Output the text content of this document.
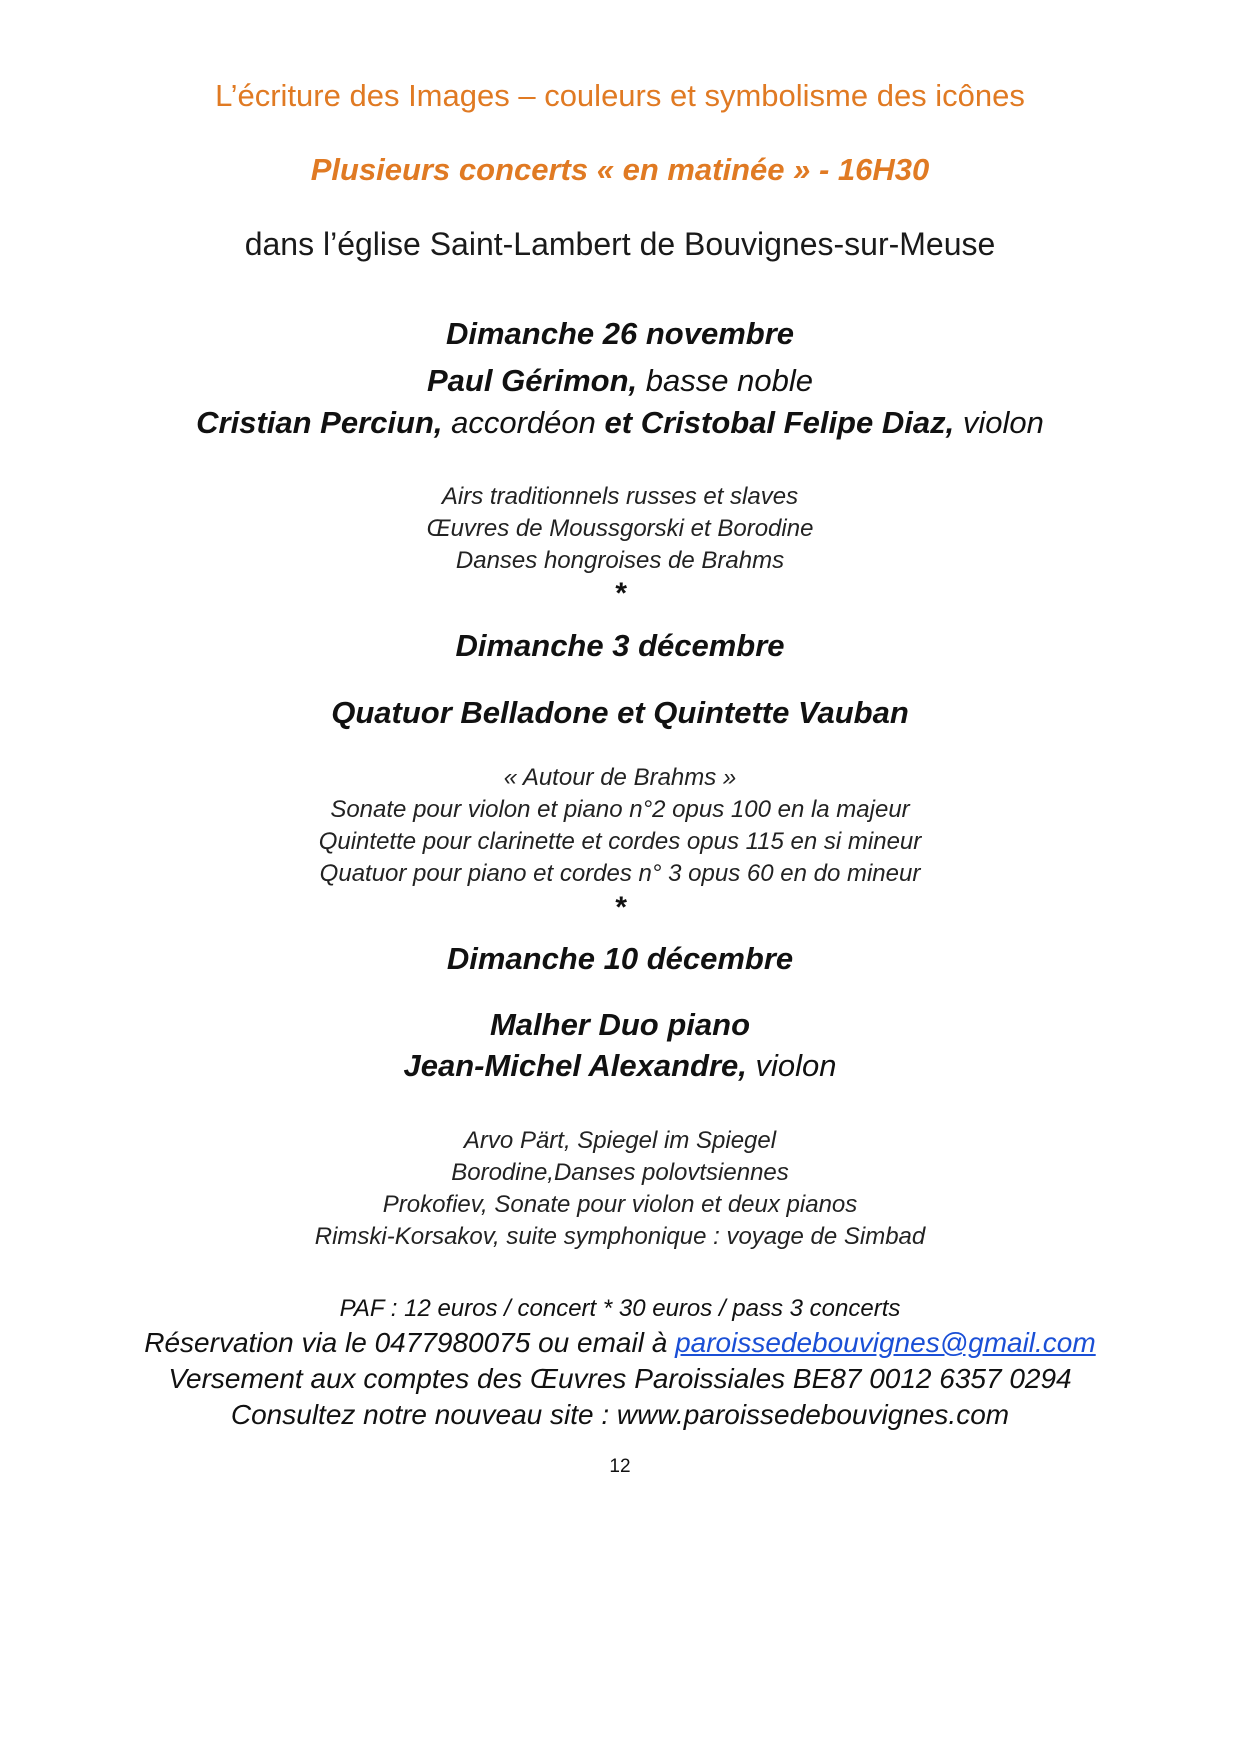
L’écriture des Images – couleurs et symbolisme des icônes
Plusieurs concerts « en matinée » - 16H30
dans l’église Saint-Lambert de Bouvignes-sur-Meuse
Dimanche 26 novembre
Paul Gérimon, basse noble
Cristian Perciun, accordéon et Cristobal Felipe Diaz, violon
Airs traditionnels russes et slaves
Œuvres de Moussgorski et Borodine
Danses hongroises de Brahms
*
Dimanche 3 décembre
Quatuor Belladone et Quintette Vauban
« Autour de Brahms »
Sonate pour violon et piano n°2 opus 100 en la majeur
Quintette pour clarinette et cordes opus 115 en si mineur
Quatuor pour piano et cordes n° 3 opus 60 en do mineur
*
Dimanche 10 décembre
Malher Duo piano
Jean-Michel Alexandre, violon
Arvo Pärt, Spiegel im Spiegel
Borodine,Danses polovtsiennes
Prokofiev, Sonate pour violon et deux pianos
Rimski-Korsakov, suite symphonique : voyage de Simbad
PAF : 12 euros / concert * 30 euros / pass 3 concerts
Réservation via le 0477980075 ou email à paroissedebouvignes@gmail.com
Versement aux comptes des Œuvres Paroissiales BE87 0012 6357 0294
Consultez notre nouveau site : www.paroissedebouvignes.com
12
